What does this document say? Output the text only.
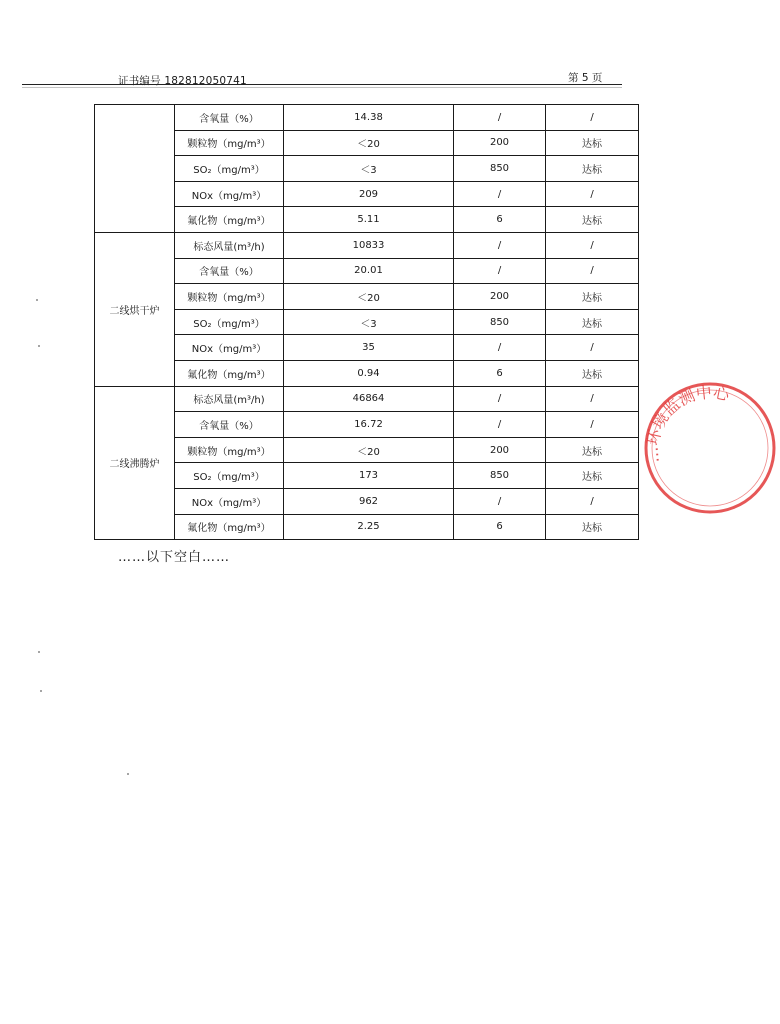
证书编号 182812050741	第 5 页
	含氧量（%）	14.38	/	/
	颗粒物（mg/m³）	＜20	200	达标
	SO₂（mg/m³）	＜3	850	达标
	NOx（mg/m³）	209	/	/
	氟化物（mg/m³）	5.11	6	达标
二线烘干炉	标态风量(m³/h)	10833	/	/
	含氧量（%）	20.01	/	/
	颗粒物（mg/m³）	＜20	200	达标
	SO₂（mg/m³）	＜3	850	达标
	NOx（mg/m³）	35	/	/
	氟化物（mg/m³）	0.94	6	达标
二线沸腾炉	标态风量(m³/h)	46864	/	/
	含氧量（%）	16.72	/	/
	颗粒物（mg/m³）	＜20	200	达标
	SO₂（mg/m³）	173	850	达标
	NOx（mg/m³）	962	/	/
	氟化物（mg/m³）	2.25	6	达标
……以下空白……
…环境监测中心
